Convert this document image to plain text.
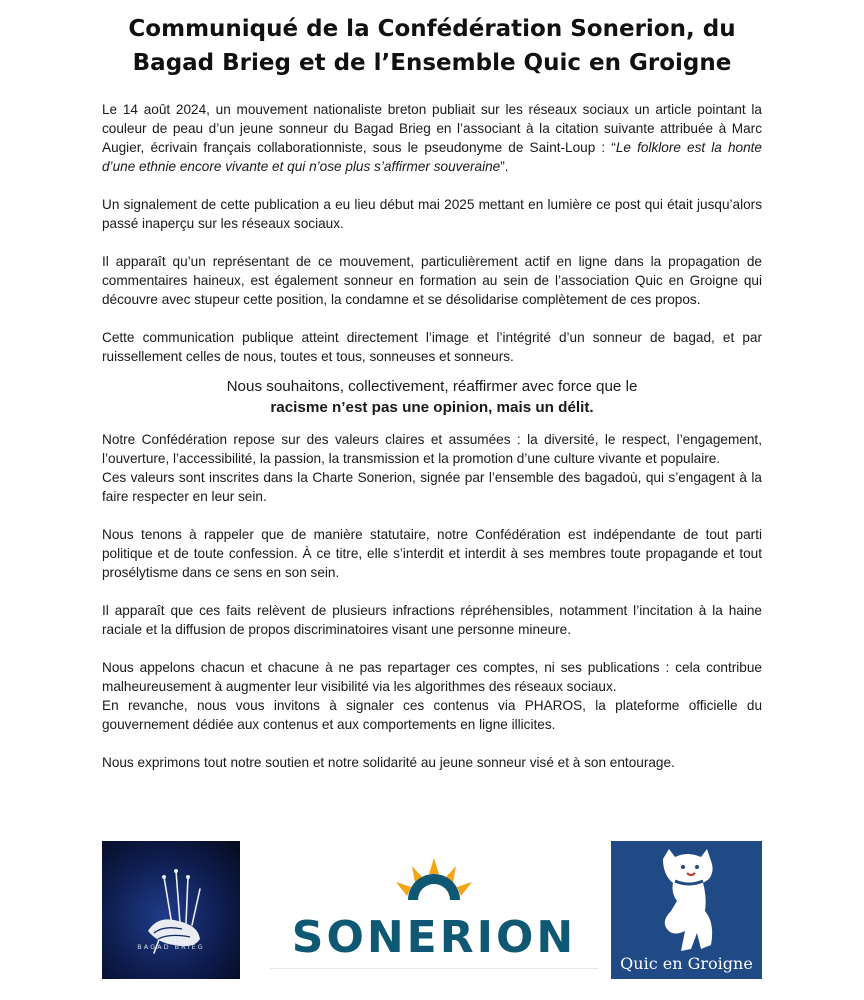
Communiqué de la Confédération Sonerion, du
Bagad Brieg et de l’Ensemble Quic en Groigne

Le 14 août 2024, un mouvement nationaliste breton publiait sur les réseaux sociaux un article pointant la couleur de peau d’un jeune sonneur du Bagad Brieg en l’associant à la citation suivante attribuée à Marc Augier, écrivain français collaborationniste, sous le pseudonyme de Saint-Loup : “Le folklore est la honte d’une ethnie encore vivante et qui n’ose plus s’affirmer souveraine”.

Un signalement de cette publication a eu lieu début mai 2025 mettant en lumière ce post qui était jusqu’alors passé inaperçu sur les réseaux sociaux.

Il apparaît qu’un représentant de ce mouvement, particulièrement actif en ligne dans la propagation de commentaires haineux, est également sonneur en formation au sein de l’association Quic en Groigne qui découvre avec stupeur cette position, la condamne et se désolidarise complètement de ces propos.

Cette communication publique atteint directement l’image et l’intégrité d’un sonneur de bagad, et par ruissellement celles de nous, toutes et tous, sonneuses et sonneurs.

Nous souhaitons, collectivement, réaffirmer avec force que le
racisme n’est pas une opinion, mais un délit.

Notre Confédération repose sur des valeurs claires et assumées : la diversité, le respect, l’engagement, l’ouverture, l’accessibilité, la passion, la transmission et la promotion d’une culture vivante et populaire.

Ces valeurs sont inscrites dans la Charte Sonerion, signée par l’ensemble des bagadoù, qui s’engagent à la faire respecter en leur sein.

Nous tenons à rappeler que de manière statutaire, notre Confédération est indépendante de tout parti politique et de toute confession. À ce titre, elle s’interdit et interdit à ses membres toute propagande et tout prosélytisme dans ce sens en son sein.

Il apparaît que ces faits relèvent de plusieurs infractions répréhensibles, notamment l’incitation à la haine raciale et la diffusion de propos discriminatoires visant une personne mineure.

Nous appelons chacun et chacune à ne pas repartager ces comptes, ni ses publications : cela contribue malheureusement à augmenter leur visibilité via les algorithmes des réseaux sociaux.

En revanche, nous vous invitons à signaler ces contenus via PHAROS, la plateforme officielle du gouvernement dédiée aux contenus et aux comportements en ligne illicites.

Nous exprimons tout notre soutien et notre solidarité au jeune sonneur visé et à son entourage.

BAGAD BRIEG	SONERION
Quic en Groigne
